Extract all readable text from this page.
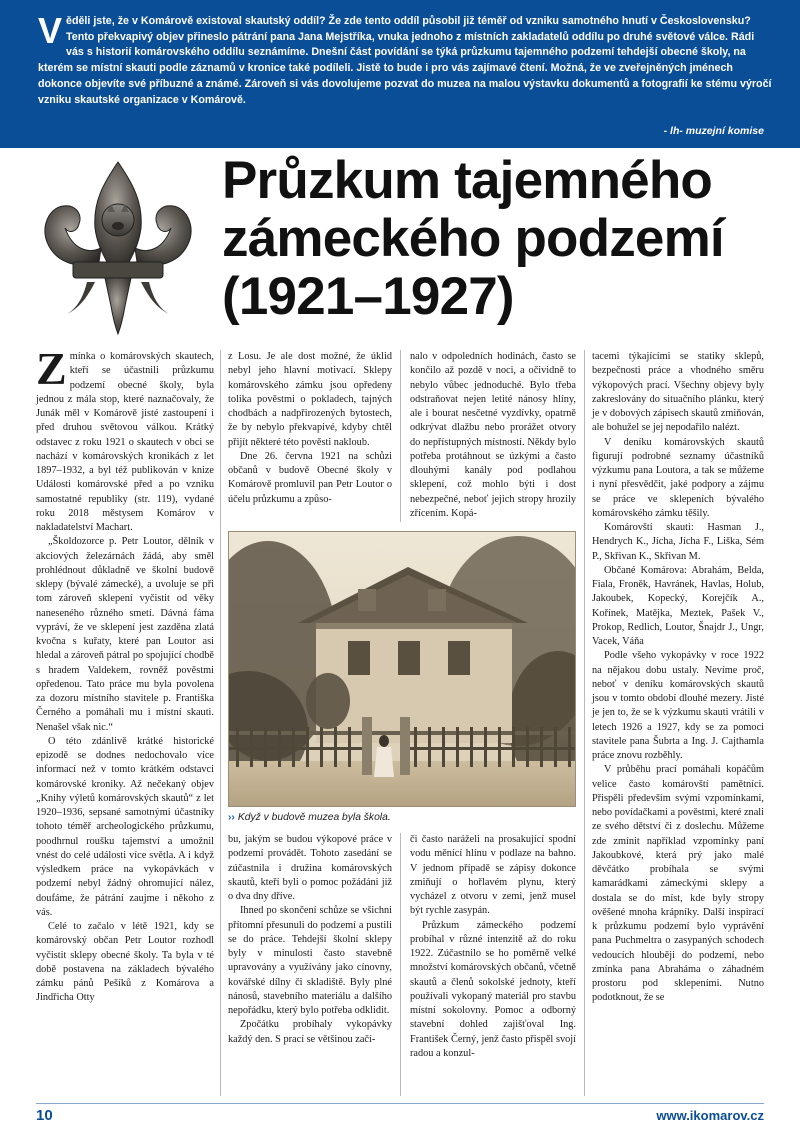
V ěděli jste, že v Komárově existoval skautský oddíl? Že zde tento oddíl působil již téměř od vzniku samotného hnutí v Československu? Tento překvapivý objev přineslo pátrání pana Jana Mejstříka, vnuka jednoho z místních zakladatelů oddílu po druhé světové válce. Rádi vás s historií komárovského oddílu seznámíme. Dnešní část povídání se týká průzkumu tajemného podzemí tehdejší obecné školy, na kterém se místní skauti podle záznamů v kronice také podíleli. Jistě to bude i pro vás zajímavé čtení. Možná, že ve zveřejněných jménech dokonce objevíte své příbuzné a známé. Zároveň si vás dovolujeme pozvat do muzea na malou výstavku dokumentů a fotografií ke stému výročí vzniku skautské organizace v Komárově.
- lh- muzejní komise
Průzkum tajemného
zámeckého podzemí
(1921–1927)

Zmínka o komárovských skautech, kteří se účastnili průzkumu podzemí obecné školy, byla jednou z mála stop, které naznačovaly, že Junák měl v Komárově jisté zastoupení i před druhou světovou válkou. Krátký odstavec z roku 1921 o skautech v obci se nachází v komárovských kronikách z let 1897–1932, a byl též publikován v knize Události komárovské před a po vzniku samostatné republiky (str. 119), vydané roku 2018 městysem Komárov v nakladatelství Machart.

„Školdozorce p. Petr Loutor, dělník v akciových železárnách žádá, aby směl prohlédnout důkladně ve školní budově sklepy (bývalé zámecké), a uvoluje se při tom zároveň sklepení vyčistit od věky naneseného různého smetí. Dávná fáma vypráví, že ve sklepení jest zazděna zlatá kvočna s kuřaty, které pan Loutor asi hledal a zároveň pátral po spojující chodbě s hradem Valdekem, rovněž pověstmi opředenou. Tato práce mu byla povolena za dozoru místního stavitele p. Františka Černého a pomáhali mu i místní skauti. Nenašel však nic.“

O této zdánlivě krátké historické epizodě se dodnes nedochovalo více informací než v tomto krátkém odstavci komárovské kroniky. Až nečekaný objev „Knihy výletů komárovských skautů“ z let 1920–1936, sepsané samotnými účastníky tohoto téměř archeologického průzkumu, poodhrnul roušku tajemství a umožnil vnést do celé události více světla. A i když výsledkem práce na vykopávkách v podzemí nebyl žádný ohromující nález, doufáme, že pátrání zaujme i někoho z vás.

Celé to začalo v létě 1921, kdy se komárovský občan Petr Loutor rozhodl vyčistit sklepy obecné školy. Ta byla v té době postavena na základech bývalého zámku pánů Pešíků z Komárova a Jindřicha Otty

z Losu. Je ale dost možné, že úklid nebyl jeho hlavní motivací. Sklepy komárovského zámku jsou opředeny tolika pověstmi o pokladech, tajných chodbách a nadpřirozených bytostech, že by nebylo překvapivé, kdyby chtěl přijít některé této pověsti nakloub.

Dne 26. června 1921 na schůzi občanů v budově Obecné školy v Komárově promluvil pan Petr Loutor o účelu průzkumu a způso-

nalo v odpoledních hodinách, často se končilo až pozdě v noci, a očividně to nebylo vůbec jednoduché. Bylo třeba odstraňovat nejen letité nánosy hlíny, ale i bourat nesčetné vyzdívky, opatrně odkrývat dlažbu nebo prorážet otvory do nepřístupných místností. Někdy bylo potřeba protáhnout se úzkými a často dlouhými kanály pod podlahou sklepení, což mohlo býti i dost nebezpečné, neboť jejich stropy hrozily zřícením. Kopá-

›› Když v budově muzea byla škola.

bu, jakým se budou výkopové práce v podzemí provádět. Tohoto zasedání se zúčastnila i družina komárovských skautů, kteří byli o pomoc požádáni již o dva dny dříve.

Ihned po skončení schůze se všichni přítomní přesunuli do podzemí a pustili se do práce. Tehdejší školní sklepy byly v minulosti často stavebně upravovány a využívány jako cínovny, kovářské dílny či skladiště. Byly plné nánosů, stavebního materiálu a dalšího nepořádku, který bylo potřeba odklidit.

Zpočátku probíhaly vykopávky každý den. S prací se většinou začí-

či často naráželi na prosakující spodní vodu měnící hlínu v podlaze na bahno. V jednom případě se zápisy dokonce zmiňují o hořlavém plynu, který vycházel z otvoru v zemi, jenž musel být rychle zasypán.

Průzkum zámeckého podzemí probíhal v různé intenzitě až do roku 1922. Zúčastnilo se ho poměrně velké množství komárovských občanů, včetně skautů a členů sokolské jednoty, kteří používali vykopaný materiál pro stavbu místní sokolovny. Pomoc a odborný stavební dohled zajišťoval Ing. František Černý, jenž často přispěl svojí radou a konzul-

tacemi týkajícími se statiky sklepů, bezpečnosti práce a vhodného směru výkopových prací. Všechny objevy byly zakreslovány do situačního plánku, který je v dobových zápisech skautů zmiňován, ale bohužel se jej nepodařilo nalézt.

V deníku komárovských skautů figurují podrobné seznamy účastníků výzkumu pana Loutora, a tak se můžeme i nyní přesvědčit, jaké podpory a zájmu se práce ve sklepeních bývalého komárovského zámku těšily.

Komárovští skauti: Hasman J., Hendrych K., Jícha, Jícha F., Liška, Sém P., Skřivan K., Skřivan M.

Občané Komárova: Abrahám, Belda, Fiala, Froněk, Havránek, Havlas, Holub, Jakoubek, Kopecký, Korejčík A., Kořínek, Matějka, Meztek, Pašek V., Prokop, Redlich, Loutor, Šnajdr J., Ungr, Vacek, Váňa

Podle všeho vykopávky v roce 1922 na nějakou dobu ustaly. Nevíme proč, neboť v deníku komárovských skautů jsou v tomto období dlouhé mezery. Jisté je jen to, že se k výzkumu skauti vrátili v letech 1926 a 1927, kdy se za pomoci stavitele pana Šubrta a Ing. J. Cajthamla práce znovu rozběhly.

V průběhu prací pomáhali kopáčům velice často komárovští pamětníci. Přispěli především svými vzpomínkami, nebo povídačkami a pověstmi, které znali ze svého dětství či z doslechu. Můžeme zde zmínit například vzpomínky paní Jakoubkové, která prý jako malé děvčátko probíhala se svými kamarádkami zámeckými sklepy a dostala se do míst, kde byly stropy ověšené mnoha krápníky. Další inspirací k průzkumu podzemí bylo vyprávění pana Puchmeltra o zasypaných schodech vedoucích hlouběji do podzemí, nebo zmínka pana Abraháma o záhadném prostoru pod sklepeními. Nutno podotknout, že se

10	www.ikomarov.cz
